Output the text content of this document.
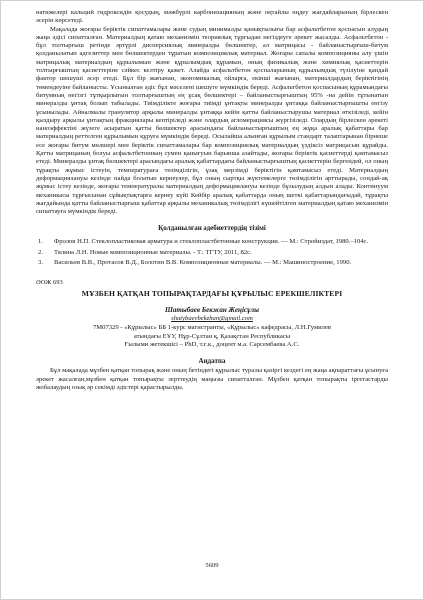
натижелері кальций гидроксидін қосудың, мәжбүрлі карбонизацияның және оңтайлы өңдеу жағдайларының бірлескен әсерін көрсетеді.

Мақалада жоғары беріктік сипаттамалары және судың минималды қанықтылығы бар асфальтбетон қоспасын алудың жаңа әдісі сипатталған. Материалдың қатаю механизмін теориялық тұрғыдан негіздеуге әрекет жасалды. Асфальтбетон - бұл толтырғыш ретінде әртүрлі дисперсиялық минералды бөлшектер, ал матрицасы - байланыстырғыш-битум қолданылатын адгезиттер мен бөлшектерден тұратын композициялық материал. Жоғары сапалы композицияны алу үшін матрицалық материалдың құрылымын және құрылымдық құрамын, оның физикалық және химиялық қасиеттерін толтырғыштың қасиеттеріне сәйкес келтіру қажет. Алайда асфальтбетон қоспаларының құрылымдық түзілуіне қандай фактор шешуші әсер етеді. Бұл бір жағынан, экономикалық ойларға, екінші жағынан, материалдардың беріктігінің төмендеуіне байланысты. Ұсынылған әдіс бұл мәселені шешуге мүмкіндік береді. Асфальтбетон қоспасының құрамындағы битумның негізгі тұтқырлығын толтырғыштың ең ұсақ бөлшектері – байланыстырғыштың 95% -на дейін тұтынатын минералды ұнтақ болып табылады. Тиімділікте жоғары тиімді ұнтақты минералды ұнтаққа байланыстырғышты енгізу ұсынылады. Айналмалы гранулятор арқылы минералды ұнтаққа кейін қатты байланыстырушы материал өткізіледі, кейін қыздыру арқылы ұнтақтың фракциялары кептіріледі және олардың агломерациясы жүргізіледі. Олардың бірлескен әрекеті наноэффектіні жүзеге асыратын қатты бөлшектер арасындағы байланыстырғыштың ең жұқа аралық қабаттары бар материалдың реттелген құрылымын құруға мүмкіндік береді. Осылайша алынған құрылым стандарт талаптарынан бірнеше есе жоғары битум мөлшері мен беріктік сипаттамалары бар композициялық материалдың үздіксіз матрицасын құрайды. Қатты матрицаның болуы асфальтбетонның сумен қанығуын барынша азайтады, жоғары беріктік қасиеттерді қамтамасыз етеді. Минералды ұнтақ бөлшектері арасындағы аралық қабаттардағы байланыстырғыштың қасиеттерін бергендей, ол оның тұрақты жұмыс істеуін, температураға төзімділігін, ұзақ мерзімді беріктігін қамтамасыз етеді. Материалдың деформациялануы кезінде пайда болатын кернеулер, бұл оның сыртқы жүктемелерге төзімділігін арттырады, сондай-ақ жұмыс істеу кезінде, жоғары температуралы материалдың деформациялануы кезінде бұзылудың алдын алады. Континуум механикасы тұрғысынан сұйықтықтарға кернеу күйі Кейбір аралық қабаттарда оның шеткі қабаттарындағыдай, тұрақты жағдайында қатты байланыстырғыш қабаттар арқылы механикалық төзімділігі күшейтілген материалдың қатаю механизмін сипаттауға мүмкіндік береді.

Қолданылған әдебиеттердің тізімі
1.	Фролов Н.П. Стеклопластиковая арматура и стеклопластбетонные конструкции. — М.: Стройиздат, 1980.–104с.
2.	Тялина Л.Н. Новые композиционные материалы. - Т.: ТГТУ, 2011, 82с.
3.	Васильев В.В., Протасов В.Д., Болотин В.В. Композиционные материалы. — М.: Машиностроение, 1990.
ӘОЖ 693
МҰЗБЕН ҚАТҚАН ТОПЫРАҚТАРДАҒЫ ҚҰРЫЛЫС ЕРЕКШЕЛІКТЕРІ
Шатыбаев Бекжан Жеңісұлы
shatybaevbekzhan@gmail.com

7М07329 - «Құрылыс» ББ 1-курс магистранты, «Құрылыс» кафедрасы, Л.Н.Гумилев

атындағы ЕҰУ, Нұр-Сұлтан қ, Қазақстан Республикасы

Ғылыми жетекшісі – PhD, т.ғ.к., доцент м.а. Сарсембаева А.С.

Аңдатпа

Бұл мақалада мұзбен қатқан топырақ және оның бетіндегі құрылыс туралы қазіргі кездегі ең жаңа ақпараттағы ұсынуға әрекет жасалған,мұзбен қатқан топырақты зерттеудің маңызы сипатталған. Мұзбен қатқан топырақты іргетастарды жобалаудың озық әр секімді әдістері қарастырылды.

5609
